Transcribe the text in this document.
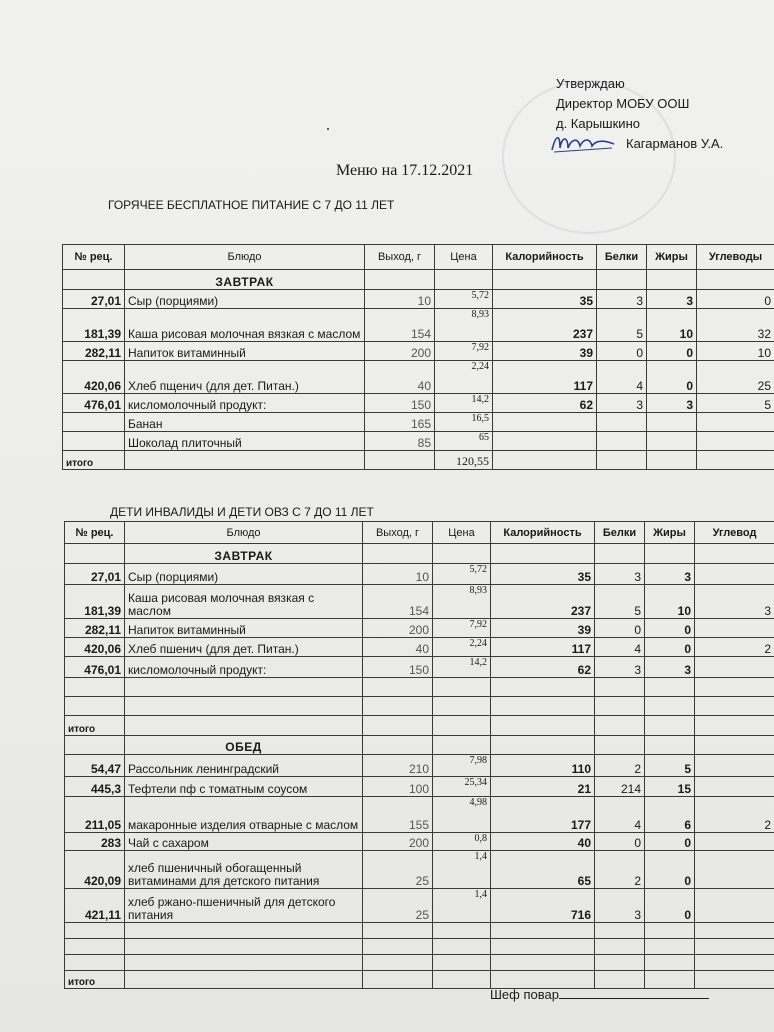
Утверждаю
Директор МОБУ ООШ
д. Карышкино
Кагарманов У.А.
Меню на 17.12.2021
ГОРЯЧЕЕ БЕСПЛАТНОЕ ПИТАНИЕ С 7 ДО 11 ЛЕТ
№ рец.	Блюдо	Выход, г	Цена	Калорийность	Белки	Жиры	Углеводы
	ЗАВТРАК						
27,01	Сыр (порциями)	10	5,72	35	3	3	0
181,39	Каша рисовая молочная вязкая с маслом	154	8,93	237	5	10	32
282,11	Напиток витаминный	200	7,92	39	0	0	10
420,06	Хлеб пщенич (для дет. Питан.)	40	2,24	117	4	0	25
476,01	кисломолочный продукт:	150	14,2	62	3	3	5
	Банан	165	16,5				
	Шоколад плиточный	85	65				
итого			120,55				
ДЕТИ ИНВАЛИДЫ И ДЕТИ ОВЗ С 7 ДО 11 ЛЕТ
№ рец.	Блюдо	Выход, г	Цена	Калорийность	Белки	Жиры	Углевод
	ЗАВТРАК						
27,01	Сыр (порциями)	10	5,72	35	3	3	
181,39	Каша рисовая молочная вязкая с маслом	154	8,93	237	5	10	3
282,11	Напиток витаминный	200	7,92	39	0	0	
420,06	Хлеб пшенич (для дет. Питан.)	40	2,24	117	4	0	2
476,01	кисломолочный продукт:	150	14,2	62	3	3	

итого							
	ОБЕД						
54,47	Рассольник ленинградский	210	7,98	110	2	5	
445,3	Тефтели пф с томатным соусом	100	25,34	21	214	15	
211,05	макаронные изделия отварные с маслом	155	4,98	177	4	6	2
283	Чай с сахаром	200	0,8	40	0	0	
420,09	хлеб пшеничный обогащенный витаминами для детского питания	25	1,4	65	2	0	
421,11	хлеб ржано-пшеничный для детского питания	25	1,4	716	3	0	

итого							
Шеф повар
